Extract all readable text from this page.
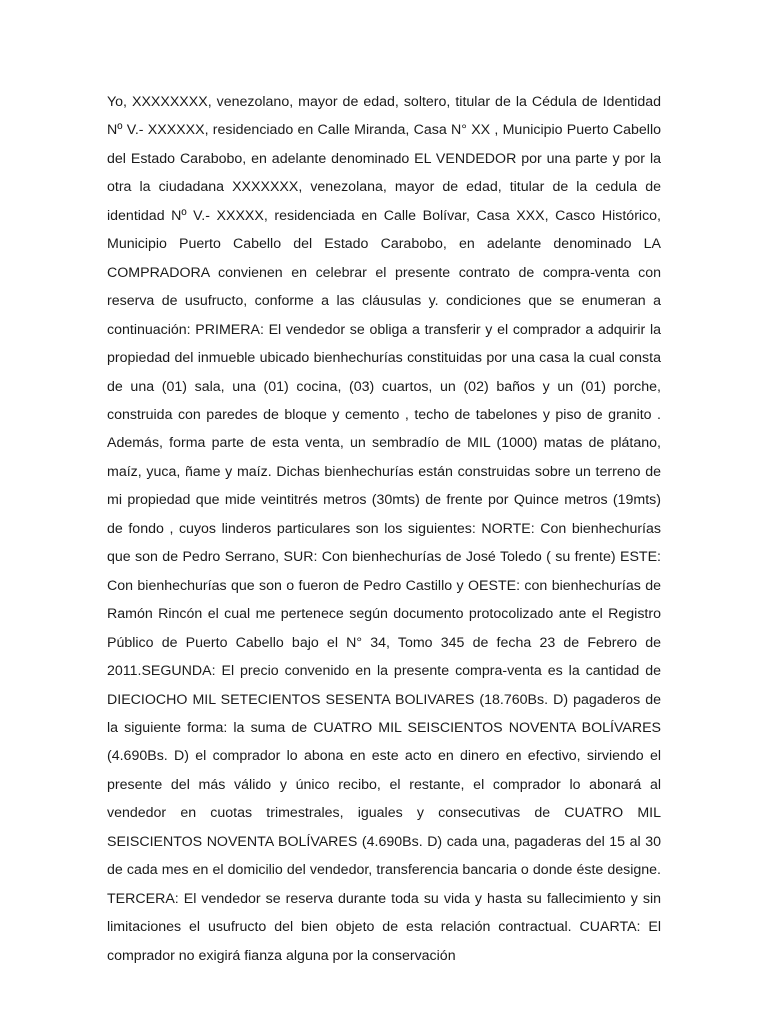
Yo, XXXXXXXX, venezolano, mayor de edad, soltero, titular de la Cédula de Identidad Nº V.- XXXXXX, residenciado en Calle Miranda, Casa N° XX , Municipio Puerto Cabello del Estado Carabobo, en adelante denominado EL VENDEDOR por una parte y por la otra la ciudadana XXXXXXX, venezolana, mayor de edad, titular de la cedula de identidad Nº V.- XXXXX, residenciada en Calle Bolívar, Casa XXX, Casco Histórico, Municipio Puerto Cabello del Estado Carabobo, en adelante denominado LA COMPRADORA convienen en celebrar el presente contrato de compra-venta con reserva de usufructo, conforme a las cláusulas y. condiciones que se enumeran a continuación: PRIMERA: El vendedor se obliga a transferir y el comprador a adquirir la propiedad del inmueble ubicado bienhechurías constituidas por una casa la cual consta de una (01) sala, una (01) cocina, (03) cuartos, un (02) baños y un (01) porche, construida con paredes de bloque y cemento , techo de tabelones y piso de granito . Además, forma parte de esta venta, un sembradío de MIL (1000) matas de plátano, maíz, yuca, ñame y maíz. Dichas bienhechurías están construidas sobre un terreno de mi propiedad que mide veintitrés metros (30mts) de frente por Quince metros (19mts) de fondo , cuyos linderos particulares son los siguientes: NORTE: Con bienhechurías que son de Pedro Serrano, SUR: Con bienhechurías de José Toledo ( su frente) ESTE: Con bienhechurías que son o fueron de Pedro Castillo y OESTE: con bienhechurías de Ramón Rincón el cual me pertenece según documento protocolizado ante el Registro Público de Puerto Cabello bajo el N° 34, Tomo 345 de fecha 23 de Febrero de 2011.SEGUNDA: El precio convenido en la presente compra-venta es la cantidad de DIECIOCHO MIL SETECIENTOS SESENTA BOLIVARES (18.760Bs. D) pagaderos de la siguiente forma: la suma de CUATRO MIL SEISCIENTOS NOVENTA BOLÍVARES (4.690Bs. D) el comprador lo abona en este acto en dinero en efectivo, sirviendo el presente del más válido y único recibo, el restante, el comprador lo abonará al vendedor en cuotas trimestrales, iguales y consecutivas de CUATRO MIL SEISCIENTOS NOVENTA BOLÍVARES (4.690Bs. D) cada una, pagaderas del 15 al 30 de cada mes en el domicilio del vendedor, transferencia bancaria o donde éste designe. TERCERA: El vendedor se reserva durante toda su vida y hasta su fallecimiento y sin limitaciones el usufructo del bien objeto de esta relación contractual. CUARTA: El comprador no exigirá fianza alguna por la conservación
